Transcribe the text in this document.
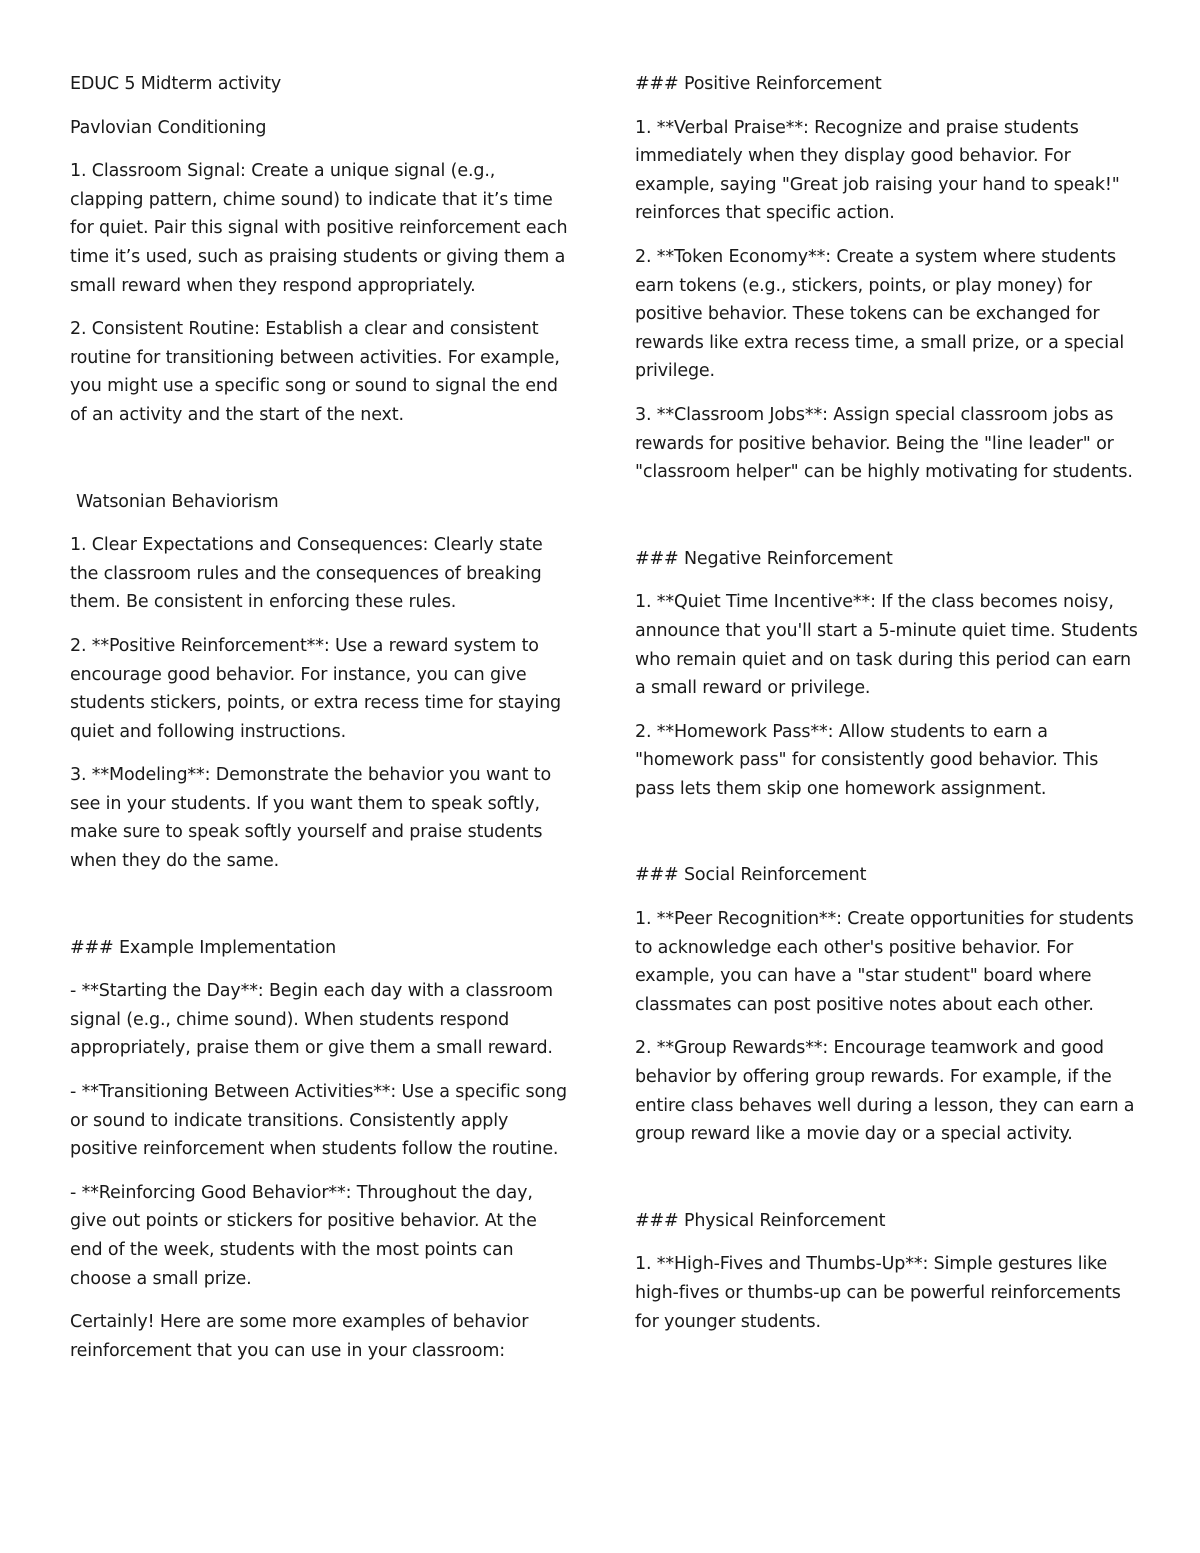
EDUC 5 Midterm activity

Pavlovian Conditioning

1. Classroom Signal: Create a unique signal (e.g., clapping pattern, chime sound) to indicate that it’s time for quiet. Pair this signal with positive reinforcement each time it’s used, such as praising students or giving them a small reward when they respond appropriately.

2. Consistent Routine: Establish a clear and consistent routine for transitioning between activities. For example, you might use a specific song or sound to signal the end of an activity and the start of the next.

Watsonian Behaviorism

1. Clear Expectations and Consequences: Clearly state the classroom rules and the consequences of breaking them. Be consistent in enforcing these rules.

2. **Positive Reinforcement**: Use a reward system to encourage good behavior. For instance, you can give students stickers, points, or extra recess time for staying quiet and following instructions.

3. **Modeling**: Demonstrate the behavior you want to see in your students. If you want them to speak softly, make sure to speak softly yourself and praise students when they do the same.

### Example Implementation

- **Starting the Day**: Begin each day with a classroom signal (e.g., chime sound). When students respond appropriately, praise them or give them a small reward.

- **Transitioning Between Activities**: Use a specific song or sound to indicate transitions. Consistently apply positive reinforcement when students follow the routine.

- **Reinforcing Good Behavior**: Throughout the day, give out points or stickers for positive behavior. At the end of the week, students with the most points can choose a small prize.

Certainly! Here are some more examples of behavior reinforcement that you can use in your classroom:

### Positive Reinforcement

1. **Verbal Praise**: Recognize and praise students immediately when they display good behavior. For example, saying "Great job raising your hand to speak!" reinforces that specific action.

2. **Token Economy**: Create a system where students earn tokens (e.g., stickers, points, or play money) for positive behavior. These tokens can be exchanged for rewards like extra recess time, a small prize, or a special privilege.

3. **Classroom Jobs**: Assign special classroom jobs as rewards for positive behavior. Being the "line leader" or "classroom helper" can be highly motivating for students.

### Negative Reinforcement

1. **Quiet Time Incentive**: If the class becomes noisy, announce that you'll start a 5-minute quiet time. Students who remain quiet and on task during this period can earn a small reward or privilege.

2. **Homework Pass**: Allow students to earn a "homework pass" for consistently good behavior. This pass lets them skip one homework assignment.

### Social Reinforcement

1. **Peer Recognition**: Create opportunities for students to acknowledge each other's positive behavior. For example, you can have a "star student" board where classmates can post positive notes about each other.

2. **Group Rewards**: Encourage teamwork and good behavior by offering group rewards. For example, if the entire class behaves well during a lesson, they can earn a group reward like a movie day or a special activity.

### Physical Reinforcement

1. **High-Fives and Thumbs-Up**: Simple gestures like high-fives or thumbs-up can be powerful reinforcements for younger students.
